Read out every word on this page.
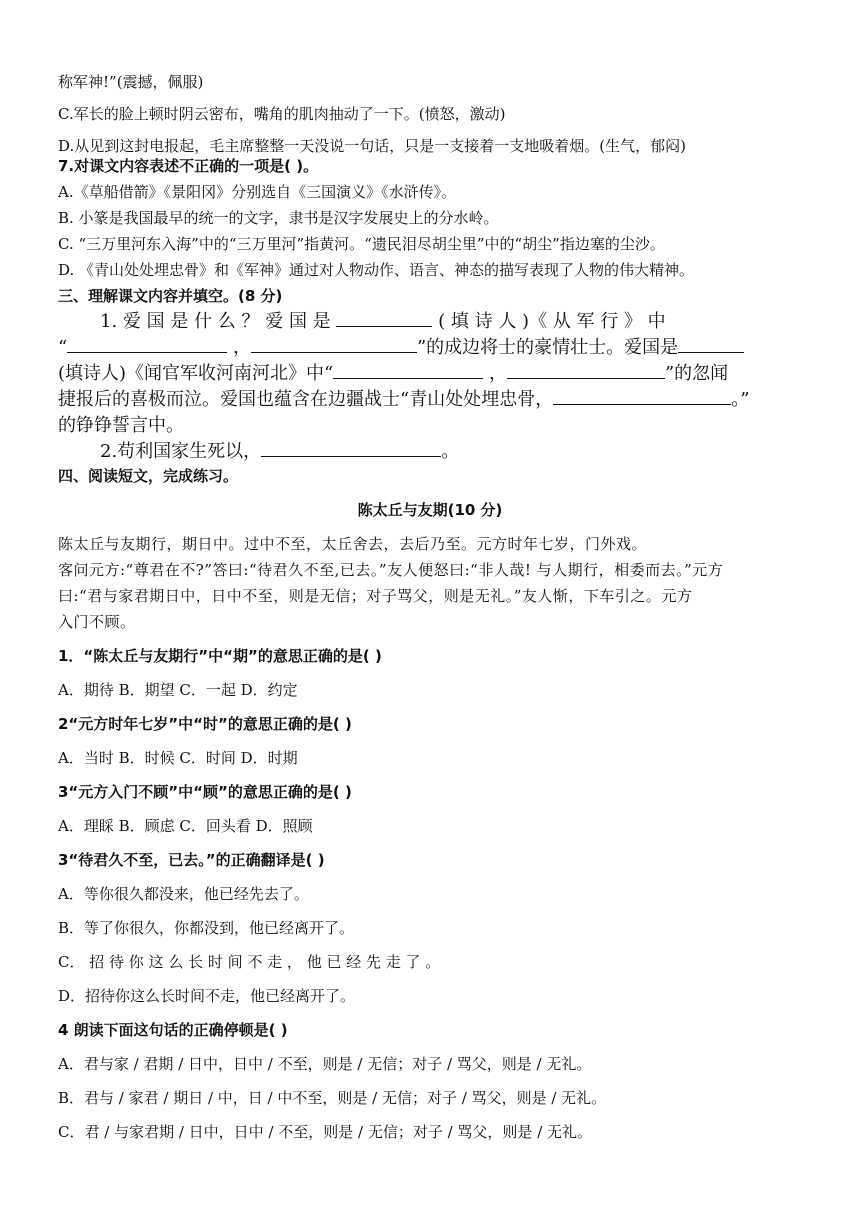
称军神!”(震撼，佩服)
C.军长的脸上顿时阴云密布，嘴角的肌肉抽动了一下。(愤怒，激动)
D.从见到这封电报起，毛主席整整一天没说一句话，只是一支接着一支地吸着烟。(生气，郁闷)
7.对课文内容表述不正确的一项是( )。
A.《草船借箭》《景阳冈》分别选自《三国演义》《水浒传》。
B. 小篆是我国最早的统一的文字，隶书是汉字发展史上的分水岭。
C. “三万里河东入海”中的“三万里河”指黄河。“遗民泪尽胡尘里”中的“胡尘”指边塞的尘沙。
D. 《青山处处埋忠骨》和《军神》通过对人物动作、语言、神态的描写表现了人物的伟大精神。
三、理解课文内容并填空。(8 分)
1. 爱 国 是 什 么 ？ 爱 国 是	( 填 诗 人 )《 从 军 行 》 中
“	，	”的成边将士的豪情壮士。爱国是
(填诗人)《闻官军收河南河北》中“	，	”的忽闻
捷报后的喜极而泣。爱国也蕴含在边疆战士“青山处处埋忠骨，	。”
的铮铮誓言中。
2.苟利国家生死以，	。
四、阅读短文，完成练习。
陈太丘与友期(10 分)
陈太丘与友期行，期日中。过中不至，太丘舍去，去后乃至。元方时年七岁，门外戏。
客问元方:“尊君在不?”答曰:“待君久不至,已去。”友人便怒曰:“非人哉! 与人期行，相委而去。”元方
曰:“君与家君期日中，日中不至，则是无信；对子骂父，则是无礼。”友人惭，下车引之。元方
入门不顾。
1．“陈太丘与友期行”中“期”的意思正确的是( )
A．期待 B．期望 C．一起 D．约定
2“元方时年七岁”中“时”的意思正确的是( )
A．当时 B．时候 C．时间 D．时期
3“元方入门不顾”中“顾”的意思正确的是( )
A．理睬 B．顾虑 C．回头看 D．照顾
3“待君久不至，已去。”的正确翻译是( )
A．等你很久都没来，他已经先去了。
B．等了你很久，你都没到，他已经离开了。
C． 招 待 你 这 么 长 时 间 不 走 ， 他 已 经 先 走 了 。
D．招待你这么长时间不走，他已经离开了。
4 朗读下面这句话的正确停顿是( )
A．君与家 / 君期 / 日中，日中 / 不至，则是 / 无信；对子 / 骂父，则是 / 无礼。
B．君与 / 家君 / 期日 / 中，日 / 中不至，则是 / 无信；对子 / 骂父，则是 / 无礼。
C．君 / 与家君期 / 日中，日中 / 不至，则是 / 无信；对子 / 骂父，则是 / 无礼。
